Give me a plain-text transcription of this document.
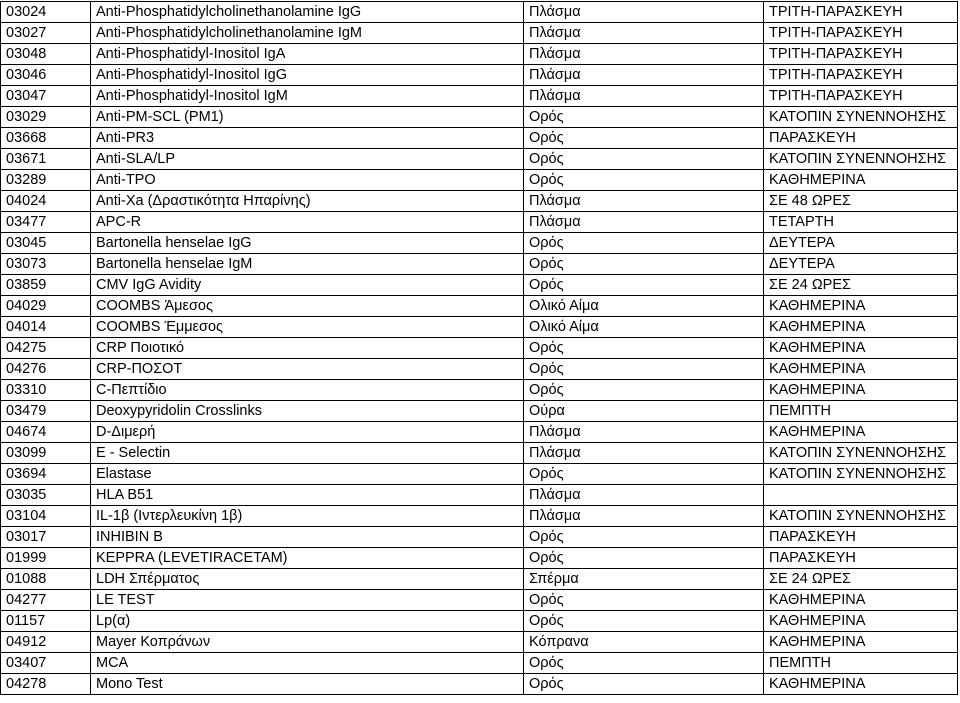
03024	Anti-Phosphatidylcholinethanolamine IgG	Πλάσμα	ΤΡΙΤΗ-ΠΑΡΑΣΚΕΥΗ
03027	Anti-Phosphatidylcholinethanolamine IgM	Πλάσμα	ΤΡΙΤΗ-ΠΑΡΑΣΚΕΥΗ
03048	Anti-Phosphatidyl-Inositol IgA	Πλάσμα	ΤΡΙΤΗ-ΠΑΡΑΣΚΕΥΗ
03046	Anti-Phosphatidyl-Inositol IgG	Πλάσμα	ΤΡΙΤΗ-ΠΑΡΑΣΚΕΥΗ
03047	Anti-Phosphatidyl-Inositol IgM	Πλάσμα	ΤΡΙΤΗ-ΠΑΡΑΣΚΕΥΗ
03029	Anti-PM-SCL (PM1)	Ορός	ΚΑΤΟΠΙΝ ΣΥΝΕΝΝΟΗΣΗΣ
03668	Anti-PR3	Ορός	ΠΑΡΑΣΚΕΥΗ
03671	Anti-SLA/LP	Ορός	ΚΑΤΟΠΙΝ ΣΥΝΕΝΝΟΗΣΗΣ
03289	Anti-TPO	Ορός	ΚΑΘΗΜΕΡΙΝΑ
04024	Anti-Xa (Δραστικότητα Ηπαρίνης)	Πλάσμα	ΣΕ 48 ΩΡΕΣ
03477	APC-R	Πλάσμα	ΤΕΤΑΡΤΗ
03045	Bartonella henselae IgG	Ορός	ΔΕΥΤΕΡΑ
03073	Bartonella henselae IgM	Ορός	ΔΕΥΤΕΡΑ
03859	CMV IgG Avidity	Ορός	ΣΕ 24 ΩΡΕΣ
04029	COOMBS Άμεσος	Ολικό Αίμα	ΚΑΘΗΜΕΡΙΝΑ
04014	COOMBS Έμμεσος	Ολικό Αίμα	ΚΑΘΗΜΕΡΙΝΑ
04275	CRP Ποιοτικό	Ορός	ΚΑΘΗΜΕΡΙΝΑ
04276	CRP-ΠΟΣΟΤ	Ορός	ΚΑΘΗΜΕΡΙΝΑ
03310	C-Πεπτίδιο	Ορός	ΚΑΘΗΜΕΡΙΝΑ
03479	Deoxypyridolin Crosslinks	Ούρα	ΠΕΜΠΤΗ
04674	D-Διμερή	Πλάσμα	ΚΑΘΗΜΕΡΙΝΑ
03099	E - Selectin	Πλάσμα	ΚΑΤΟΠΙΝ ΣΥΝΕΝΝΟΗΣΗΣ
03694	Elastase	Ορός	ΚΑΤΟΠΙΝ ΣΥΝΕΝΝΟΗΣΗΣ
03035	HLA B51	Πλάσμα	
03104	IL-1β (Ιντερλευκίνη 1β)	Πλάσμα	ΚΑΤΟΠΙΝ ΣΥΝΕΝΝΟΗΣΗΣ
03017	INHIBIN B	Ορός	ΠΑΡΑΣΚΕΥΗ
01999	KEPPRA (LEVETIRACETAM)	Ορός	ΠΑΡΑΣΚΕΥΗ
01088	LDH Σπέρματος	Σπέρμα	ΣΕ 24 ΩΡΕΣ
04277	LE TEST	Ορός	ΚΑΘΗΜΕΡΙΝΑ
01157	Lp(α)	Ορός	ΚΑΘΗΜΕΡΙΝΑ
04912	Mayer Κοπράνων	Κόπρανα	ΚΑΘΗΜΕΡΙΝΑ
03407	MCA	Ορός	ΠΕΜΠΤΗ
04278	Mono Test	Ορός	ΚΑΘΗΜΕΡΙΝΑ
